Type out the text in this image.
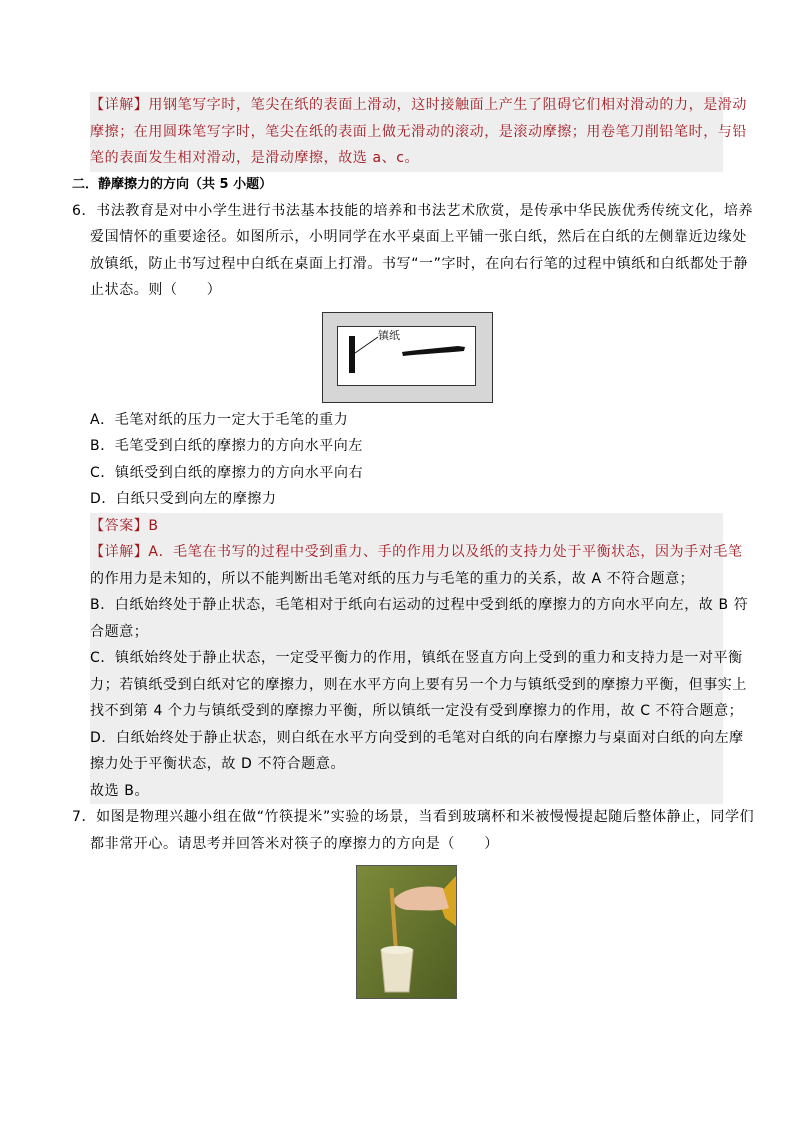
【详解】用钢笔写字时，笔尖在纸的表面上滑动，这时接触面上产生了阻碍它们相对滑动的力，是滑动
摩擦；在用圆珠笔写字时，笔尖在纸的表面上做无滑动的滚动，是滚动摩擦；用卷笔刀削铅笔时，与铅
笔的表面发生相对滑动，是滑动摩擦，故选 a、c。
二．静摩擦力的方向（共 5 小题）
6．书法教育是对中小学生进行书法基本技能的培养和书法艺术欣赏，是传承中华民族优秀传统文化，培养
爱国情怀的重要途径。如图所示，小明同学在水平桌面上平铺一张白纸，然后在白纸的左侧靠近边缘处
放镇纸，防止书写过程中白纸在桌面上打滑。书写“一”字时，在向右行笔的过程中镇纸和白纸都处于静
止状态。则（　　）
镇纸
A．毛笔对纸的压力一定大于毛笔的重力
B．毛笔受到白纸的摩擦力的方向水平向左
C．镇纸受到白纸的摩擦力的方向水平向右
D．白纸只受到向左的摩擦力
【答案】B
【详解】A．毛笔在书写的过程中受到重力、手的作用力以及纸的支持力处于平衡状态，因为手对毛笔
的作用力是未知的，所以不能判断出毛笔对纸的压力与毛笔的重力的关系，故 A 不符合题意；
B．白纸始终处于静止状态，毛笔相对于纸向右运动的过程中受到纸的摩擦力的方向水平向左，故 B 符
合题意；
C．镇纸始终处于静止状态，一定受平衡力的作用，镇纸在竖直方向上受到的重力和支持力是一对平衡
力；若镇纸受到白纸对它的摩擦力，则在水平方向上要有另一个力与镇纸受到的摩擦力平衡，但事实上
找不到第 4 个力与镇纸受到的摩擦力平衡，所以镇纸一定没有受到摩擦力的作用，故 C 不符合题意；
D．白纸始终处于静止状态，则白纸在水平方向受到的毛笔对白纸的向右摩擦力与桌面对白纸的向左摩
擦力处于平衡状态，故 D 不符合题意。
故选 B。
7．如图是物理兴趣小组在做“竹筷提米”实验的场景，当看到玻璃杯和米被慢慢提起随后整体静止，同学们
都非常开心。请思考并回答米对筷子的摩擦力的方向是（　　）
